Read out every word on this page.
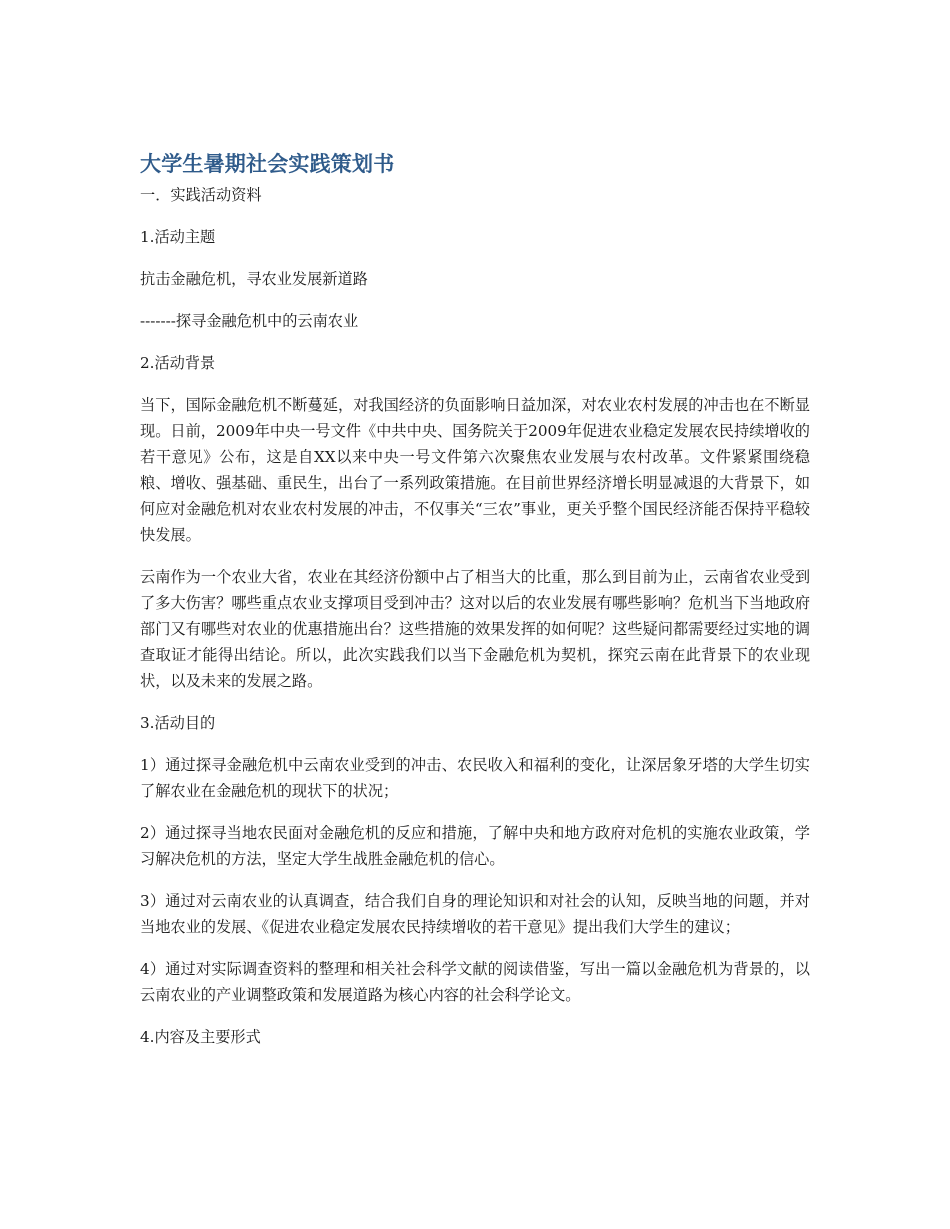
大学生暑期社会实践策划书

一．实践活动资料

1.活动主题

抗击金融危机，寻农业发展新道路

-------探寻金融危机中的云南农业

2.活动背景

当下，国际金融危机不断蔓延，对我国经济的负面影响日益加深，对农业农村发展的冲击也在不断显现。日前，2009年中央一号文件《中共中央、国务院关于2009年促进农业稳定发展农民持续增收的若干意见》公布，这是自XX以来中央一号文件第六次聚焦农业发展与农村改革。文件紧紧围绕稳粮、增收、强基础、重民生，出台了一系列政策措施。在目前世界经济增长明显减退的大背景下，如何应对金融危机对农业农村发展的冲击，不仅事关“三农”事业，更关乎整个国民经济能否保持平稳较快发展。

云南作为一个农业大省，农业在其经济份额中占了相当大的比重，那么到目前为止，云南省农业受到了多大伤害？哪些重点农业支撑项目受到冲击？这对以后的农业发展有哪些影响？危机当下当地政府部门又有哪些对农业的优惠措施出台？这些措施的效果发挥的如何呢？这些疑问都需要经过实地的调查取证才能得出结论。所以，此次实践我们以当下金融危机为契机，探究云南在此背景下的农业现状，以及未来的发展之路。

3.活动目的

1）通过探寻金融危机中云南农业受到的冲击、农民收入和福利的变化，让深居象牙塔的大学生切实了解农业在金融危机的现状下的状况；

2）通过探寻当地农民面对金融危机的反应和措施，了解中央和地方政府对危机的实施农业政策，学习解决危机的方法，坚定大学生战胜金融危机的信心。

3）通过对云南农业的认真调查，结合我们自身的理论知识和对社会的认知，反映当地的问题，并对当地农业的发展、《促进农业稳定发展农民持续增收的若干意见》提出我们大学生的建议；

4）通过对实际调查资料的整理和相关社会科学文献的阅读借鉴，写出一篇以金融危机为背景的，以云南农业的产业调整政策和发展道路为核心内容的社会科学论文。

4.内容及主要形式
